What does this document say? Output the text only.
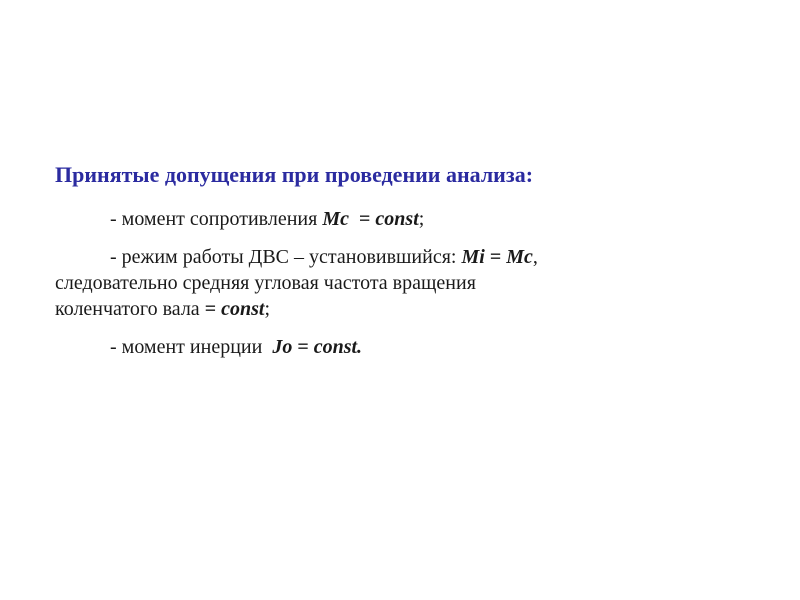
Принятые допущения при проведении анализа:
- момент сопротивления Mc  = const;
- режим работы ДВС – установившийся: Mi = Mc,
следовательно средняя угловая частота вращения
коленчатого вала = const;
- момент инерции  Jo = const.
